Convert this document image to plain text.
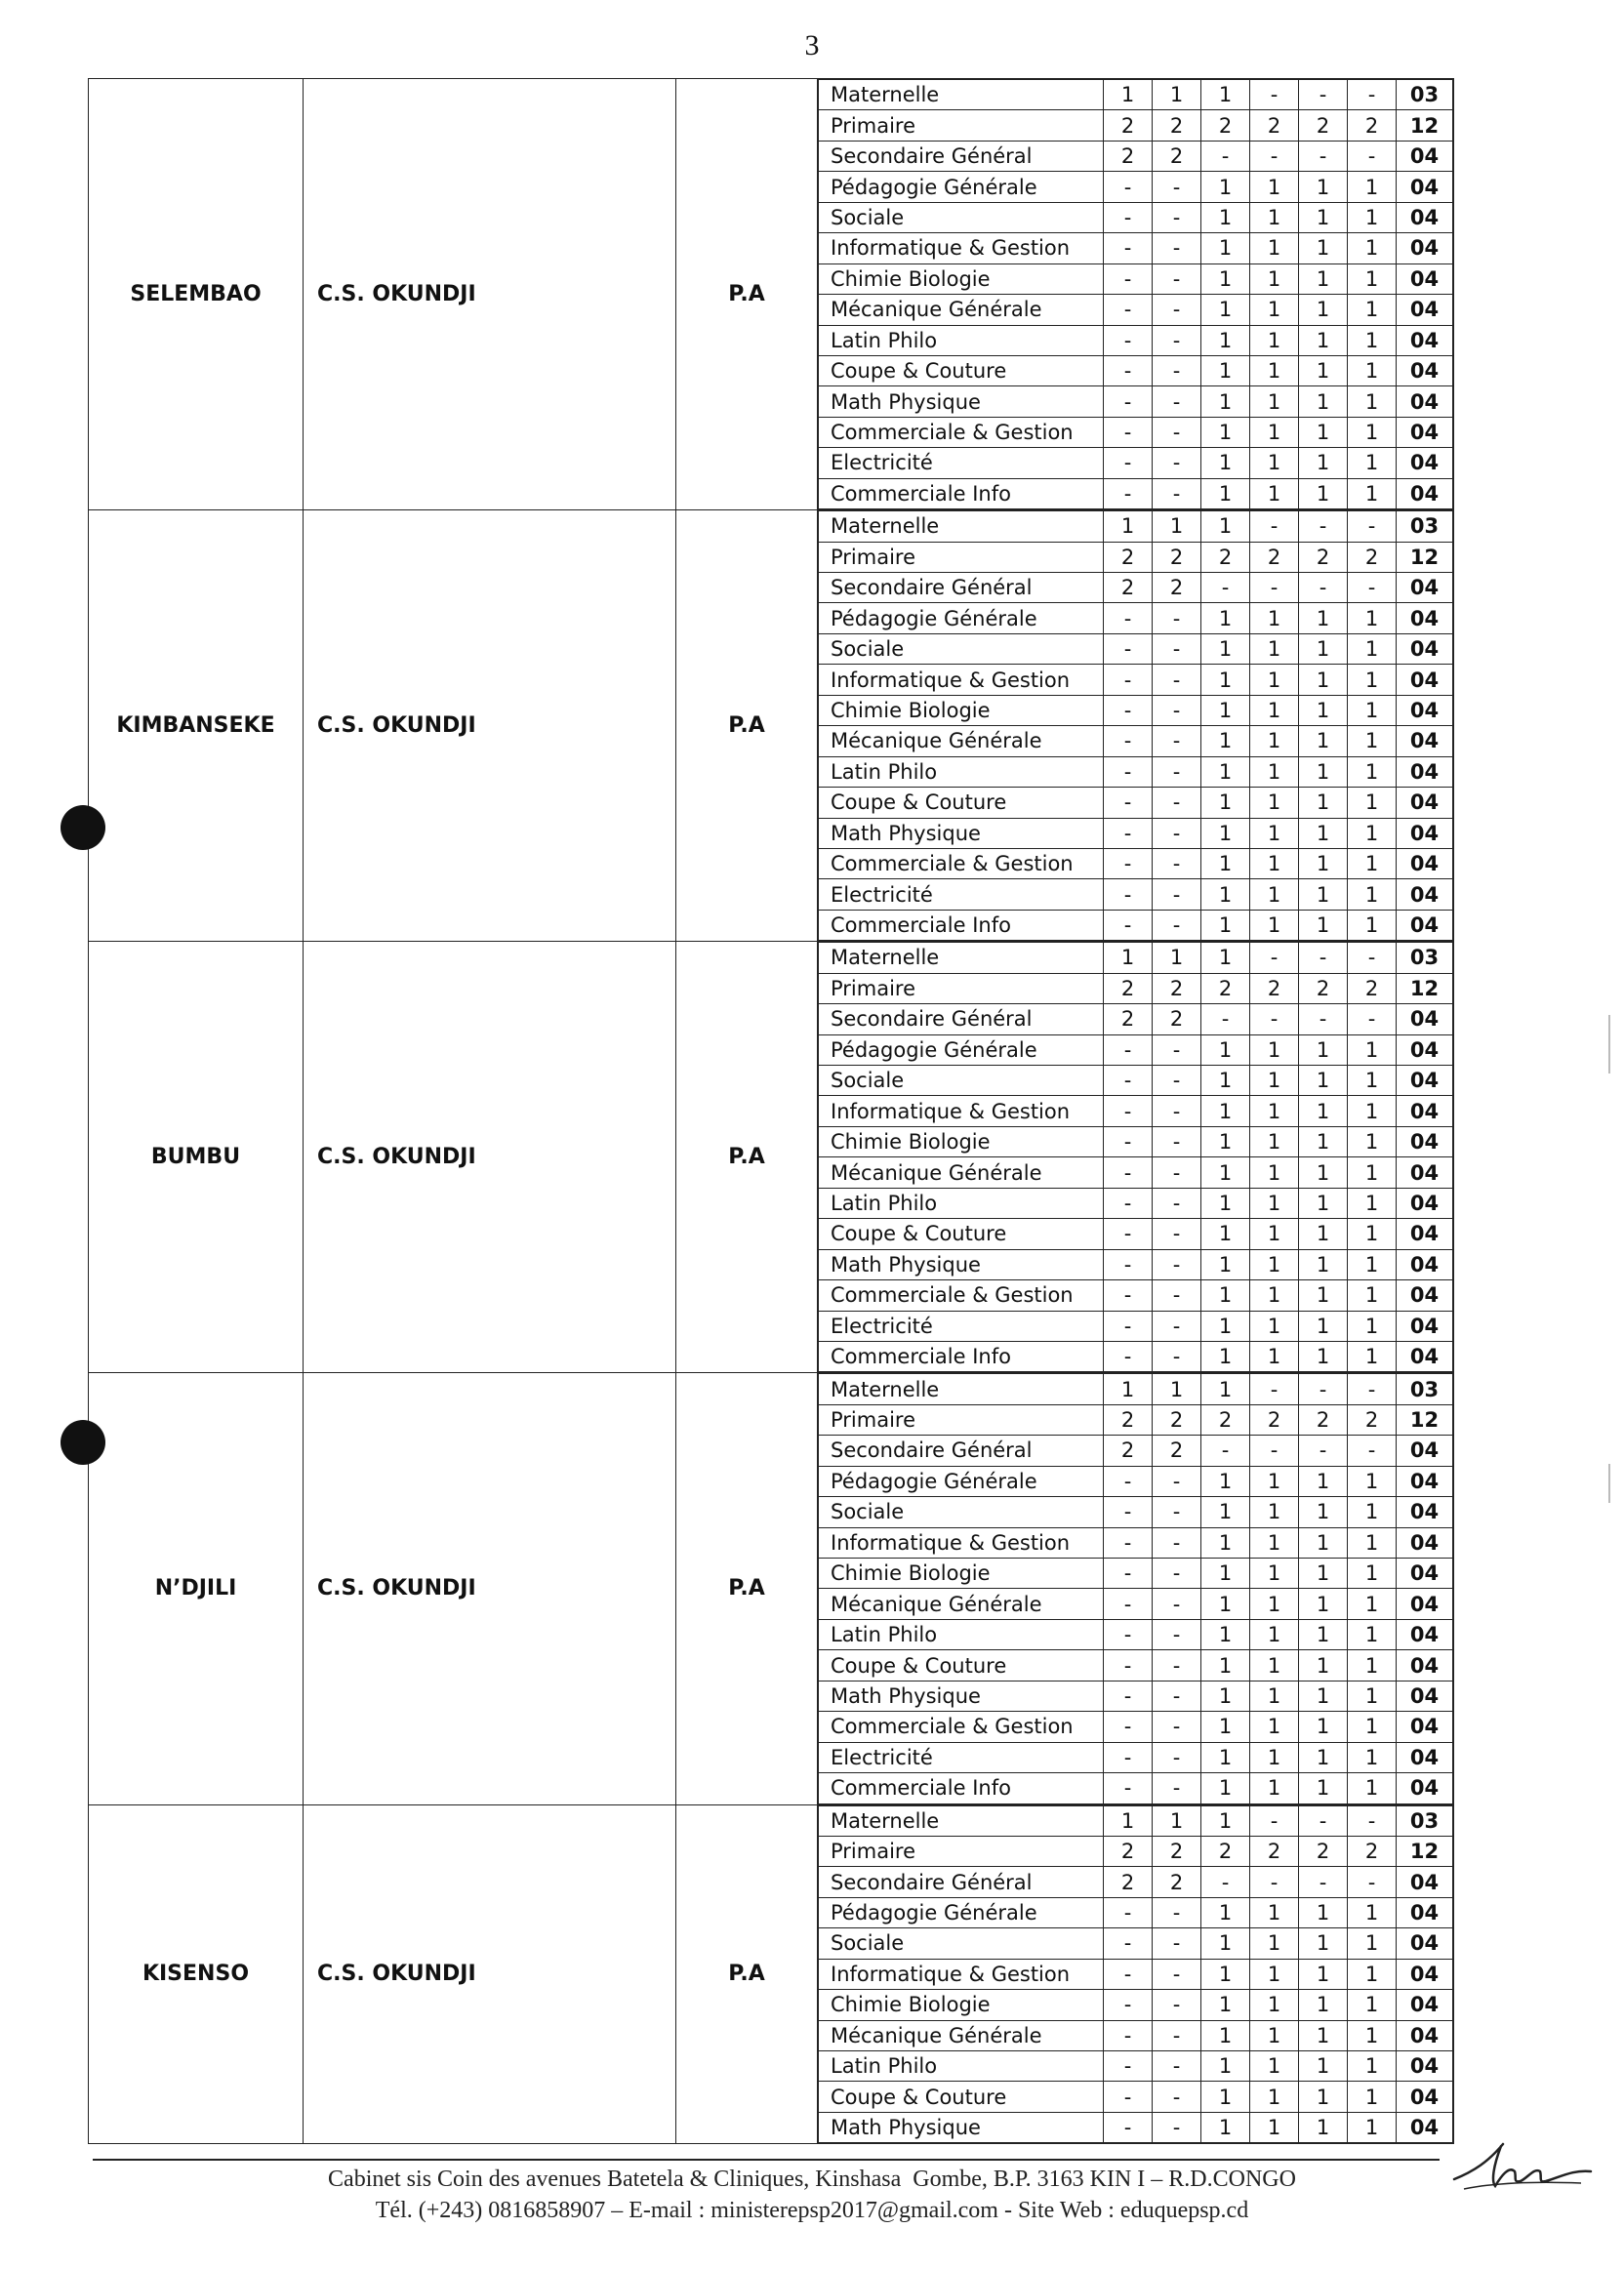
3
SELEMBAO	C.S. OKUNDJI	P.A	
Maternelle	1	1	1	-	-	-	03
Primaire	2	2	2	2	2	2	12
Secondaire Général	2	2	-	-	-	-	04
Pédagogie Générale	-	-	1	1	1	1	04
Sociale	-	-	1	1	1	1	04
Informatique & Gestion	-	-	1	1	1	1	04
Chimie Biologie	-	-	1	1	1	1	04
Mécanique Générale	-	-	1	1	1	1	04
Latin Philo	-	-	1	1	1	1	04
Coupe & Couture	-	-	1	1	1	1	04
Math Physique	-	-	1	1	1	1	04
Commerciale & Gestion	-	-	1	1	1	1	04
Electricité	-	-	1	1	1	1	04
Commerciale Info	-	-	1	1	1	1	04

KIMBANSEKE	C.S. OKUNDJI	P.A	
Maternelle	1	1	1	-	-	-	03
Primaire	2	2	2	2	2	2	12
Secondaire Général	2	2	-	-	-	-	04
Pédagogie Générale	-	-	1	1	1	1	04
Sociale	-	-	1	1	1	1	04
Informatique & Gestion	-	-	1	1	1	1	04
Chimie Biologie	-	-	1	1	1	1	04
Mécanique Générale	-	-	1	1	1	1	04
Latin Philo	-	-	1	1	1	1	04
Coupe & Couture	-	-	1	1	1	1	04
Math Physique	-	-	1	1	1	1	04
Commerciale & Gestion	-	-	1	1	1	1	04
Electricité	-	-	1	1	1	1	04
Commerciale Info	-	-	1	1	1	1	04

BUMBU	C.S. OKUNDJI	P.A	
Maternelle	1	1	1	-	-	-	03
Primaire	2	2	2	2	2	2	12
Secondaire Général	2	2	-	-	-	-	04
Pédagogie Générale	-	-	1	1	1	1	04
Sociale	-	-	1	1	1	1	04
Informatique & Gestion	-	-	1	1	1	1	04
Chimie Biologie	-	-	1	1	1	1	04
Mécanique Générale	-	-	1	1	1	1	04
Latin Philo	-	-	1	1	1	1	04
Coupe & Couture	-	-	1	1	1	1	04
Math Physique	-	-	1	1	1	1	04
Commerciale & Gestion	-	-	1	1	1	1	04
Electricité	-	-	1	1	1	1	04
Commerciale Info	-	-	1	1	1	1	04

N’DJILI	C.S. OKUNDJI	P.A	
Maternelle	1	1	1	-	-	-	03
Primaire	2	2	2	2	2	2	12
Secondaire Général	2	2	-	-	-	-	04
Pédagogie Générale	-	-	1	1	1	1	04
Sociale	-	-	1	1	1	1	04
Informatique & Gestion	-	-	1	1	1	1	04
Chimie Biologie	-	-	1	1	1	1	04
Mécanique Générale	-	-	1	1	1	1	04
Latin Philo	-	-	1	1	1	1	04
Coupe & Couture	-	-	1	1	1	1	04
Math Physique	-	-	1	1	1	1	04
Commerciale & Gestion	-	-	1	1	1	1	04
Electricité	-	-	1	1	1	1	04
Commerciale Info	-	-	1	1	1	1	04

KISENSO	C.S. OKUNDJI	P.A	
Maternelle	1	1	1	-	-	-	03
Primaire	2	2	2	2	2	2	12
Secondaire Général	2	2	-	-	-	-	04
Pédagogie Générale	-	-	1	1	1	1	04
Sociale	-	-	1	1	1	1	04
Informatique & Gestion	-	-	1	1	1	1	04
Chimie Biologie	-	-	1	1	1	1	04
Mécanique Générale	-	-	1	1	1	1	04
Latin Philo	-	-	1	1	1	1	04
Coupe & Couture	-	-	1	1	1	1	04
Math Physique	-	-	1	1	1	1	04
Cabinet sis Coin des avenues Batetela & Cliniques, Kinshasa  Gombe, B.P. 3163 KIN I – R.D.CONGO
Tél. (+243) 0816858907 – E-mail : ministerepsp2017@gmail.com - Site Web : eduquepsp.cd
